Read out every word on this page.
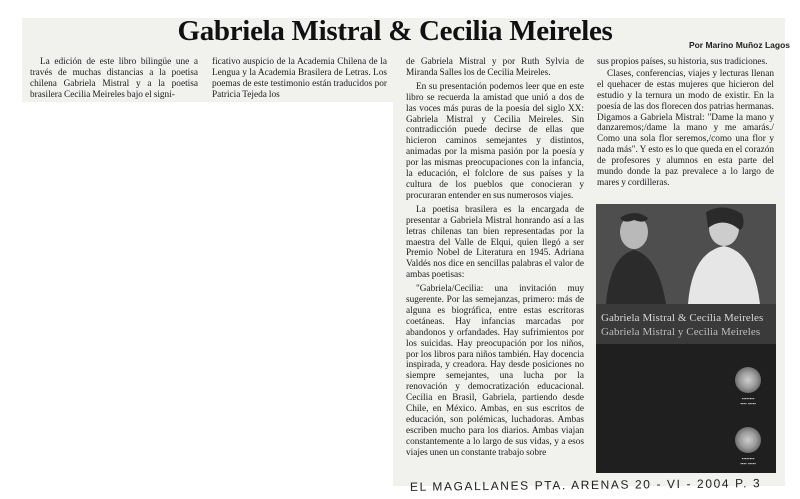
Gabriela Mistral & Cecilia Meireles	Por Marino Muñoz Lagos

La edición de este libro bilingüe une a través de muchas distancias a la poetisa chilena Gabriela Mistral y a la poetisa brasilera Cecilia Meireles bajo el signi-

ficativo auspicio de la Academia Chilena de la Lengua y la Academia Brasilera de Letras. Los poemas de este testimonio están traducidos por Patricia Tejeda los

de Gabriela Mistral y por Ruth Sylvia de Miranda Salles los de Cecilia Meireles.

En su presentación podemos leer que en este libro se recuerda la amistad que unió a dos de las voces más puras de la poesía del siglo XX: Gabriela Mistral y Cecilia Meireles. Sin contradicción puede decirse de ellas que hicieron caminos semejantes y distintos, animadas por la misma pasión por la poesía y por las mismas preocupaciones con la infancia, la educación, el folclore de sus países y la cultura de los pueblos que conocieran y procuraran entender en sus numerosos viajes.

La poetisa brasilera es la encargada de presentar a Gabriela Mistral honrando así a las letras chilenas tan bien representadas por la maestra del Valle de Elqui, quien llegó a ser Premio Nobel de Literatura en 1945. Adriana Valdés nos dice en sencillas palabras el valor de ambas poetisas:

"Gabriela/Cecilia: una invitación muy sugerente. Por las semejanzas, primero: más de alguna es biográfica, entre estas escritoras coetáneas. Hay infancias marcadas por abandonos y orfandades. Hay sufrimientos por los suicidas. Hay preocupación por los niños, por los libros para niños también. Hay docencia inspirada, y creadora. Hay desde posiciones no siempre semejantes, una lucha por la renovación y democratización educacional. Cecilia en Brasil, Gabriela, partiendo desde Chile, en México. Ambas, en sus escritos de educación, son polémicas, luchadoras. Ambas escriben mucho para los diarios. Ambas viajan constantemente a lo largo de sus vidas, y a esos viajes unen un constante trabajo sobre

sus propios países, su historia, sus tradiciones.

Clases, conferencias, viajes y lecturas llenan el quehacer de estas mujeres que hicieron del estudio y la ternura un modo de existir. En la poesía de las dos florecen dos patrias hermanas. Digamos a Gabriela Mistral: "Dame la mano y danzaremos;/dame la mano y me amarás./ Como una sola flor seremos,/como una flor y nada más". Y esto es lo que queda en el corazón de profesores y alumnos en esta parte del mundo donde la paz prevalece a lo largo de mares y cordilleras.

Gabriela Mistral & Cecília Meireles
Gabriela Mistral y Cecilia Meireles
▪▪▪▪▪▪▪▪
▪▪▪▪ ▪▪▪▪▪
▪▪▪▪▪▪▪▪
▪▪▪▪ ▪▪▪▪▪
EL MAGALLANES PTA. ARENAS 20 - VI - 2004 P. 3
